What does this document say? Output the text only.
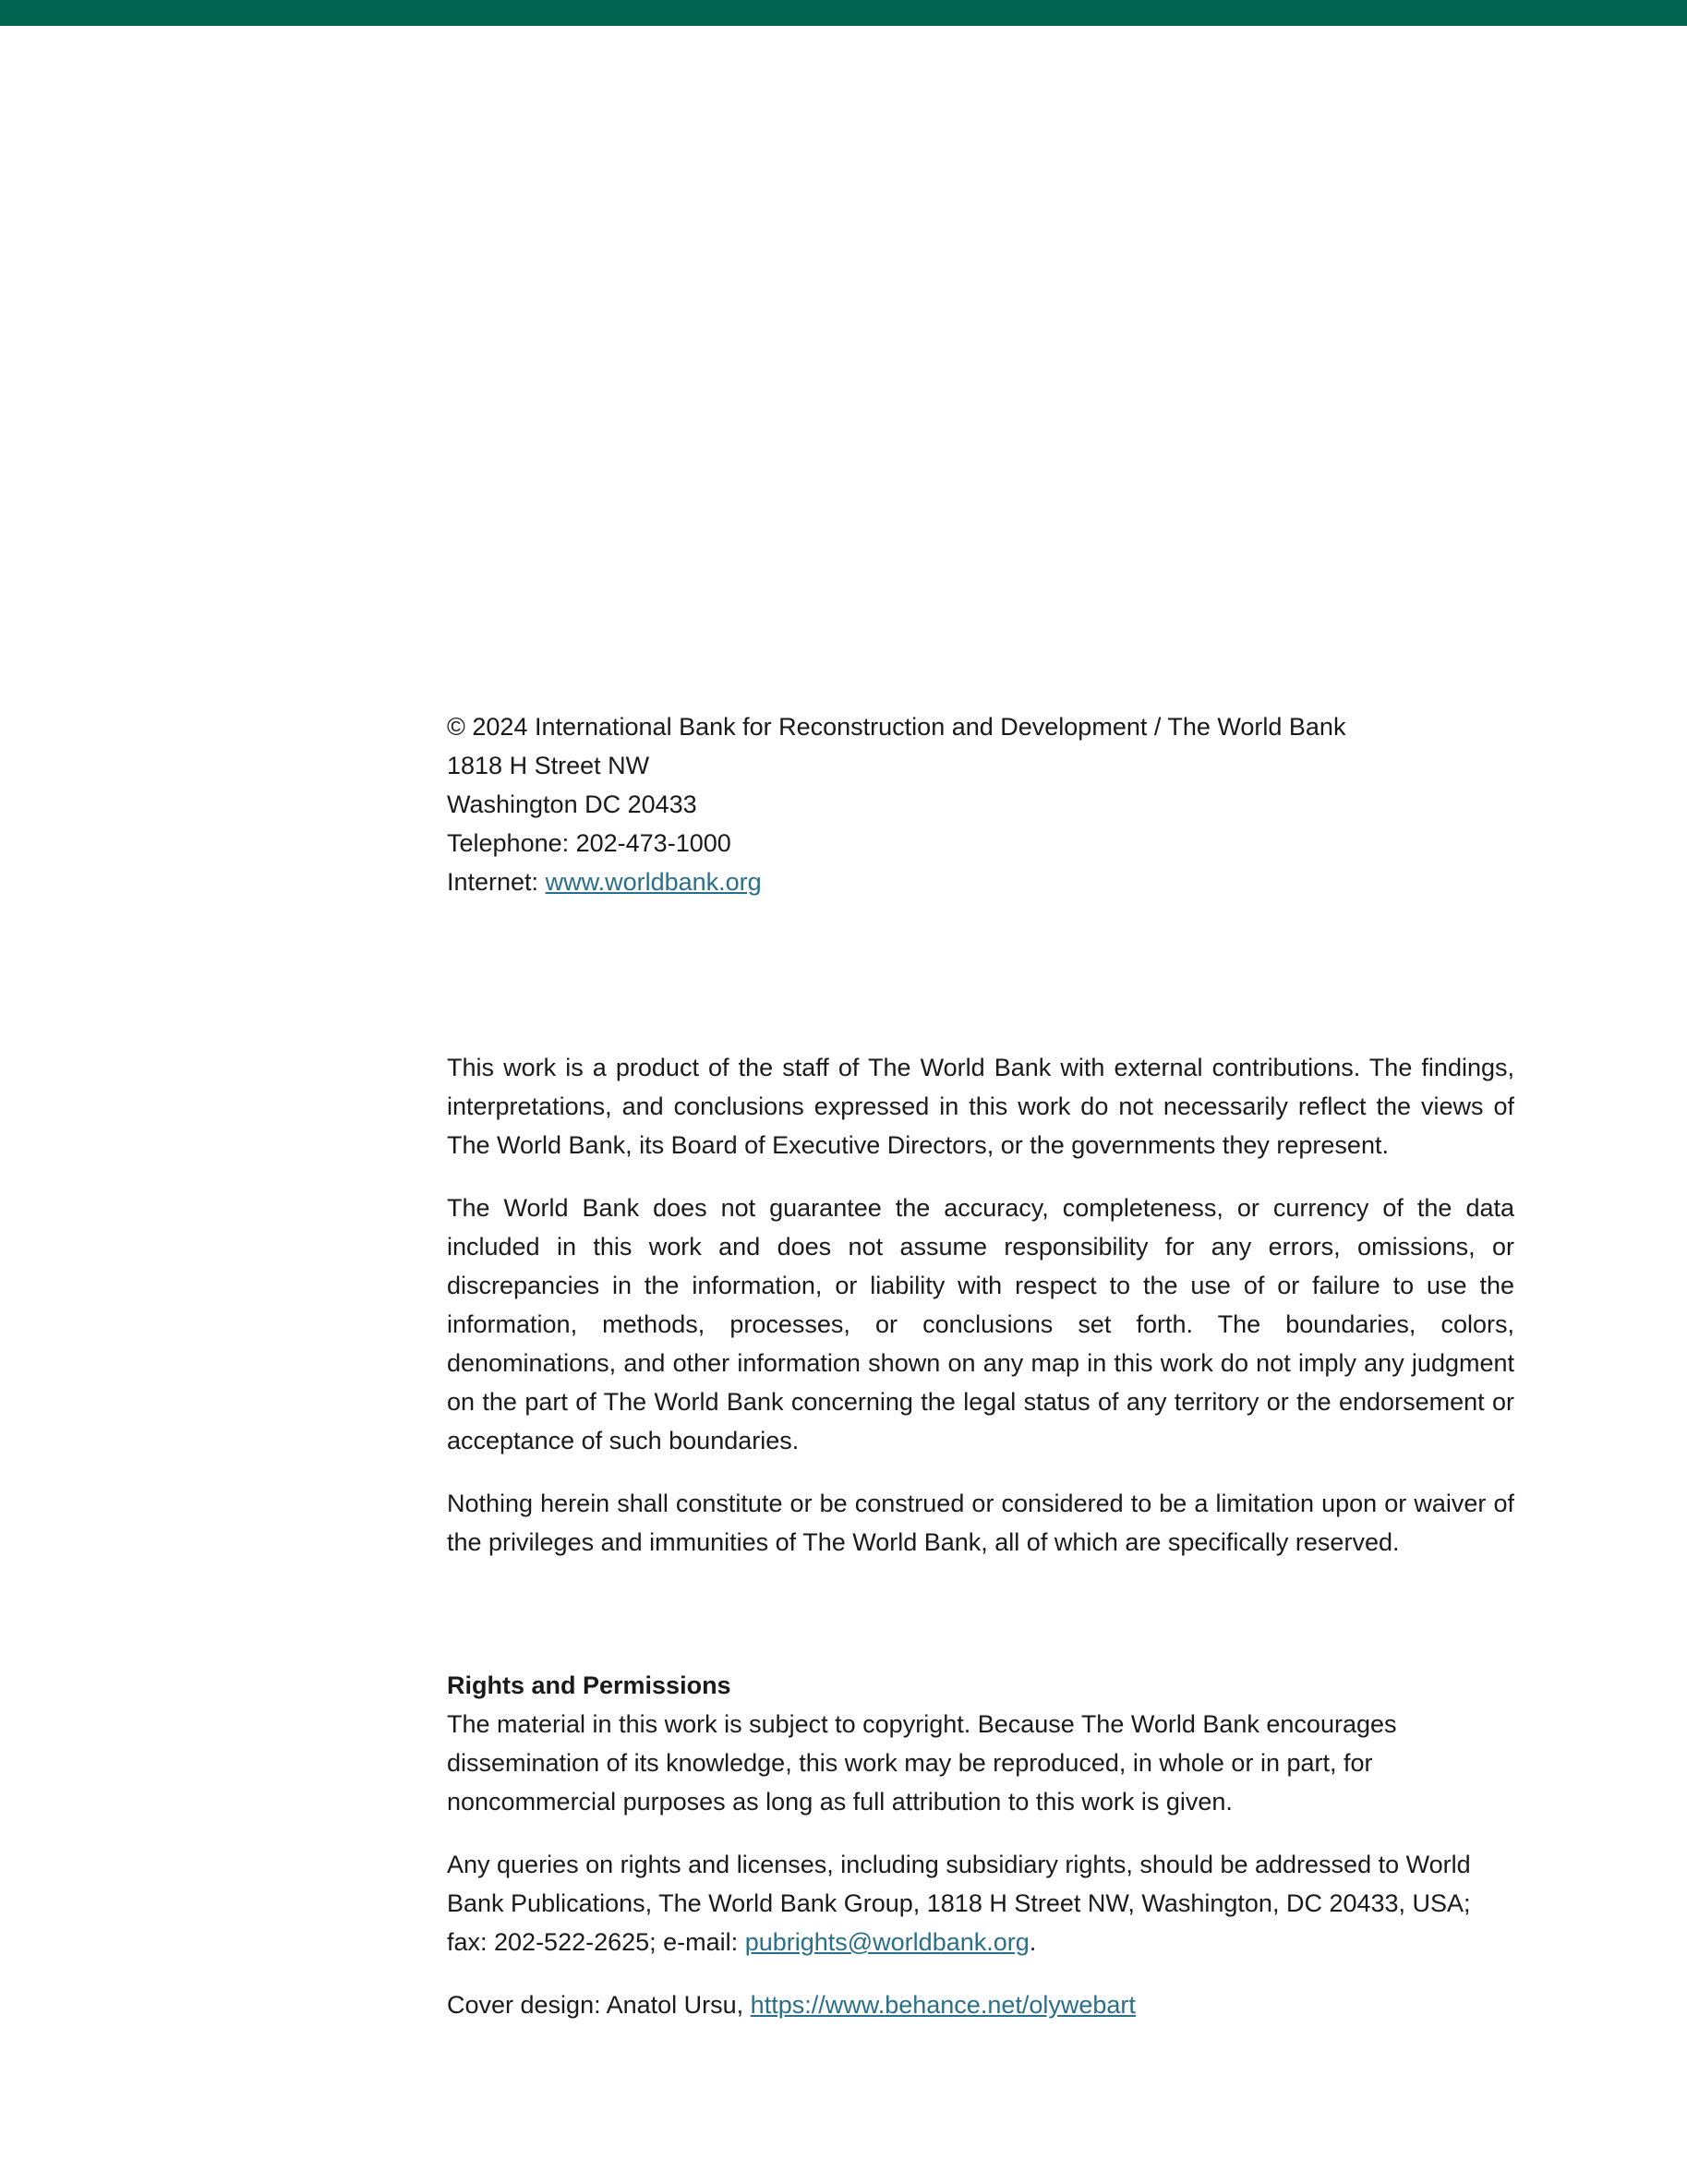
© 2024 International Bank for Reconstruction and Development / The World Bank
1818 H Street NW
Washington DC 20433
Telephone: 202-473-1000
Internet: www.worldbank.org

This work is a product of the staff of The World Bank with external contributions. The findings, interpretations, and conclusions expressed in this work do not necessarily reflect the views of The World Bank, its Board of Executive Directors, or the governments they represent.

The World Bank does not guarantee the accuracy, completeness, or currency of the data included in this work and does not assume responsibility for any errors, omissions, or discrepancies in the information, or liability with respect to the use of or failure to use the information, methods, processes, or conclusions set forth. The boundaries, colors, denominations, and other information shown on any map in this work do not imply any judgment on the part of The World Bank concerning the legal status of any territory or the endorsement or acceptance of such boundaries.

Nothing herein shall constitute or be construed or considered to be a limitation upon or waiver of the privileges and immunities of The World Bank, all of which are specifically reserved.

Rights and Permissions
The material in this work is subject to copyright. Because The World Bank encourages dissemination of its knowledge, this work may be reproduced, in whole or in part, for noncommercial purposes as long as full attribution to this work is given.

Any queries on rights and licenses, including subsidiary rights, should be addressed to World Bank Publications, The World Bank Group, 1818 H Street NW, Washington, DC 20433, USA; fax: 202-522-2625; e-mail: pubrights@worldbank.org.

Cover design: Anatol Ursu, https://www.behance.net/olywebart
